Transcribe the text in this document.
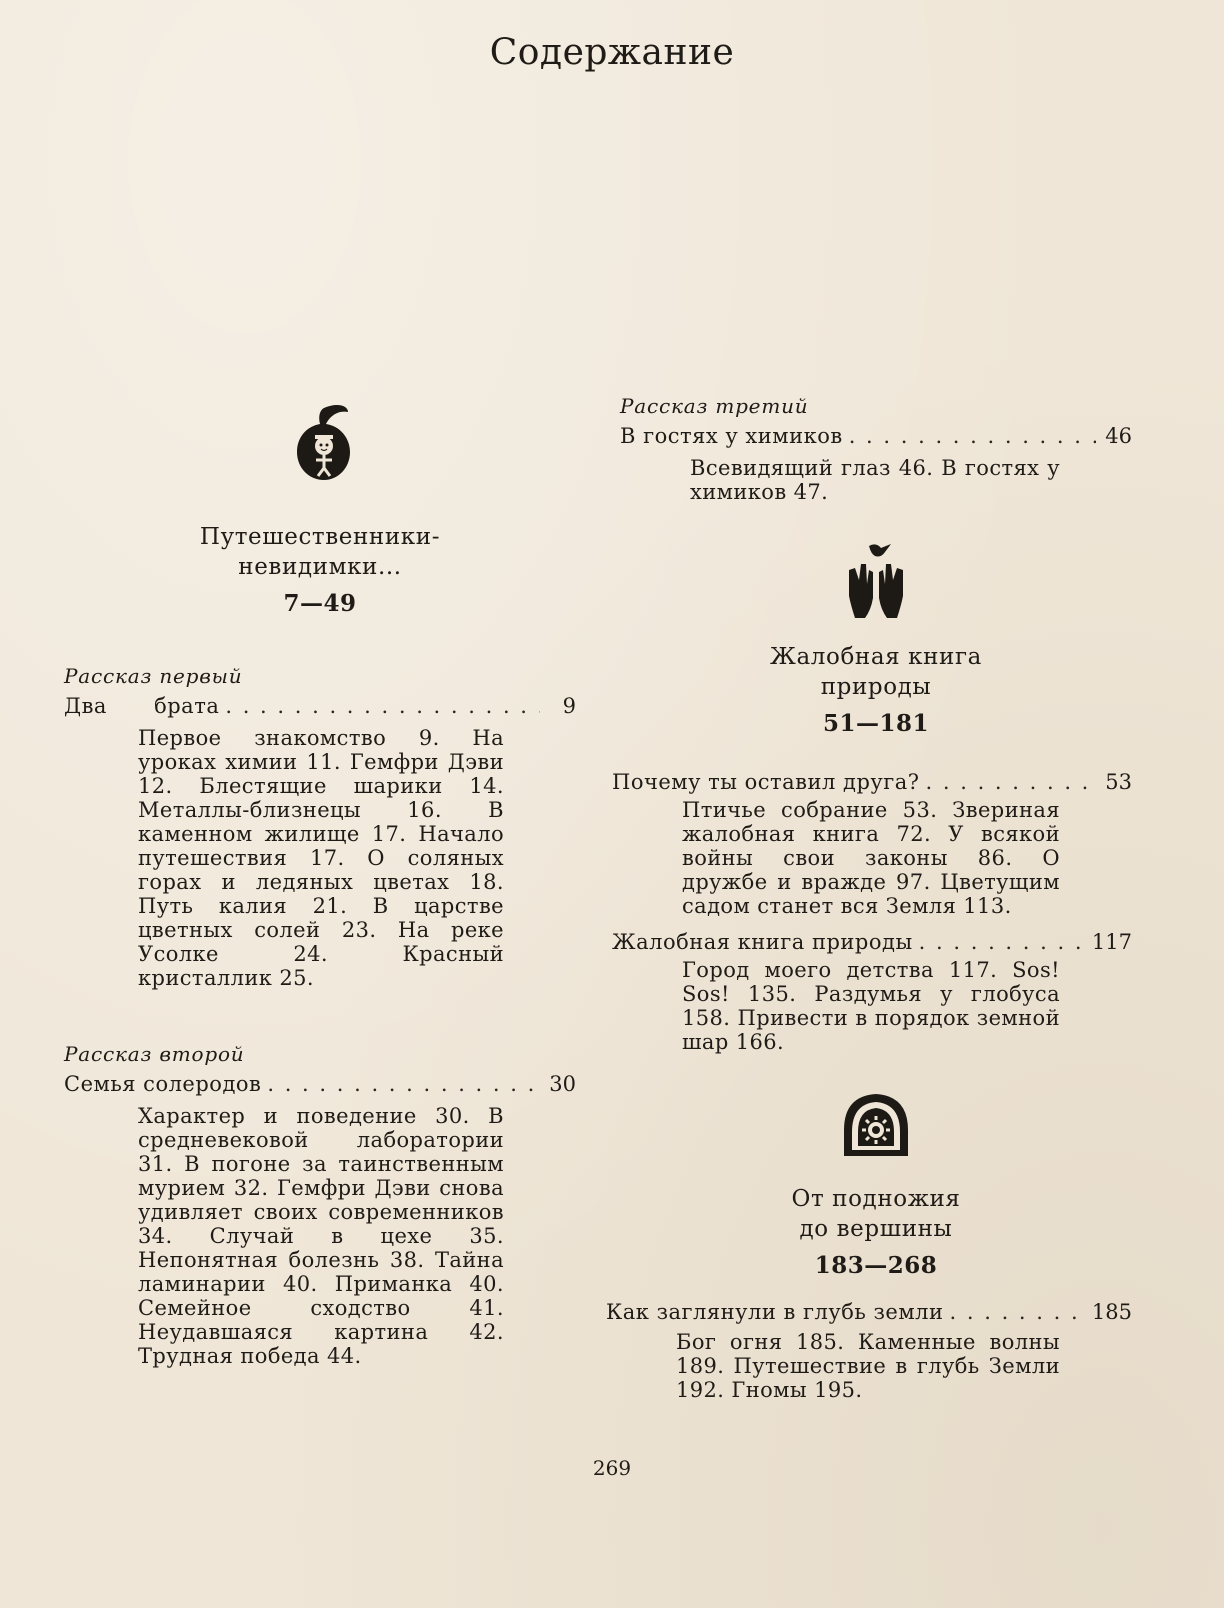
Содержание
Путешественники-
невидимки...
7—49
Рассказ первый
Два брата . . .	9
Первое знакомство 9. На уроках химии 11. Гемфри Дэви 12. Блестящие шарики 14. Металлы-близнецы 16. В каменном жилище 17. Начало путешествия 17. О соляных горах и ледяных цветах 18. Путь калия 21. В царстве цветных солей 23. На реке Усолке 24. Красный кристаллик 25.
Рассказ второй
Семья солеродов . . .	30
Характер и поведение 30. В средневековой лаборатории 31. В погоне за таинственным мурием 32. Гемфри Дэви снова удивляет своих современников 34. Случай в цехе 35. Непонятная болезнь 38. Тайна ламинарии 40. Приманка 40. Семейное сходство 41. Неудавшаяся картина 42. Трудная победа 44.
Рассказ третий
В гостях у химиков . . .	46
Всевидящий глаз 46. В гостях у химиков 47.
Жалобная книга
природы
51—181
Почему ты оставил друга? . . .	53
Птичье собрание 53. Звериная жалобная книга 72. У всякой войны свои законы 86. О дружбе и вражде 97. Цветущим садом станет вся Земля 113.
Жалобная книга природы . . .	117
Город моего детства 117. Sos! Sos! 135. Раздумья у глобуса 158. Привести в порядок земной шар 166.
От подножия
до вершины
183—268
Как заглянули в глубь земли . . .	185
Бог огня 185. Каменные волны 189. Путешествие в глубь Земли 192. Гномы 195.
269
